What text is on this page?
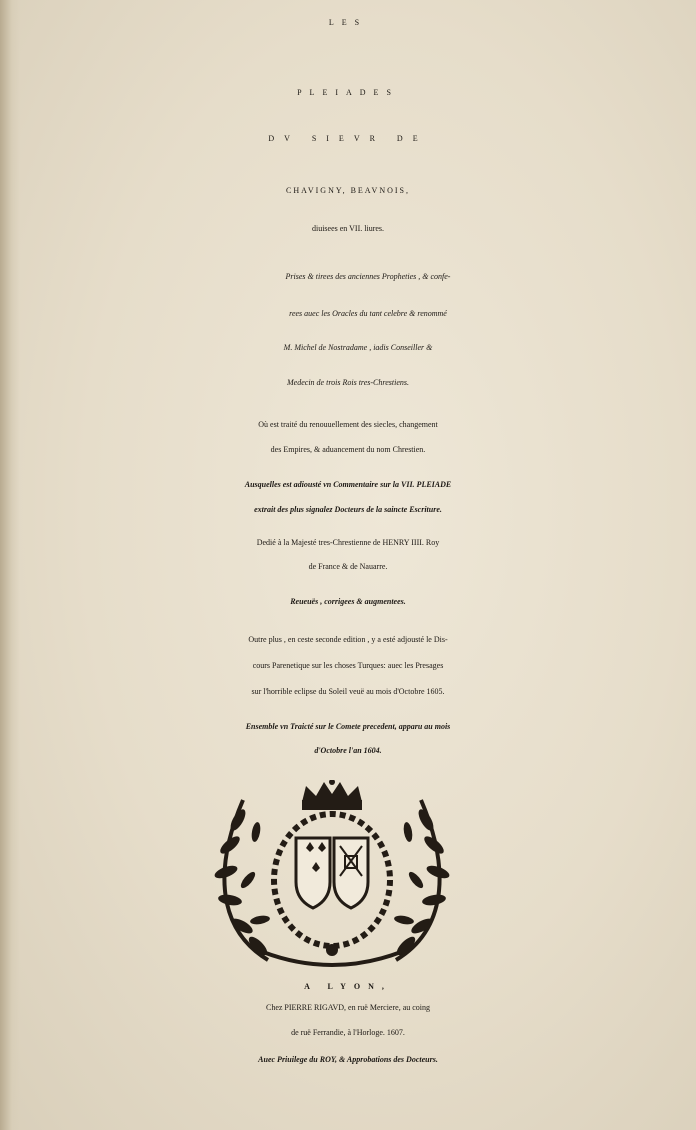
LES
PLEIADES
DV SIEVR DE
CHAVIGNY, BEAVNOIS,
diuisees en VII. liures.
Prises & tirees des anciennes Propheties , & confe-
rees auec les Oracles du tant celebre & renommé
M. Michel de Nostradame , iadis Conseiller &
Medecin de trois Rois tres-Chrestiens.
Où est traité du renouuellement des siecles, changement
des Empires, & aduancement du nom Chrestien.
Ausquelles est adiousté vn Commentaire sur la VII. PLEIADE
extrait des plus signalez Docteurs de la saincte Escriture.
Dedié à la Majesté tres-Chrestienne de HENRY IIII. Roy
de France & de Nauarre.
Reueuës , corrigees & augmentees.
Outre plus , en ceste seconde edition , y a esté adjousté le Dis-
cours Parenetique sur les choses Turques: auec les Presages
sur l'horrible eclipse du Soleil veuë au mois d'Octobre 1605.
Ensemble vn Traicté sur le Comete precedent, apparu au mois
d'Octobre l'an 1604.
A LYON,
Chez PIERRE RIGAVD, en ruë Merciere, au coing
de ruë Ferrandie, à l'Horloge. 1607.
Auec Priuilege du ROY, & Approbations des Docteurs.
